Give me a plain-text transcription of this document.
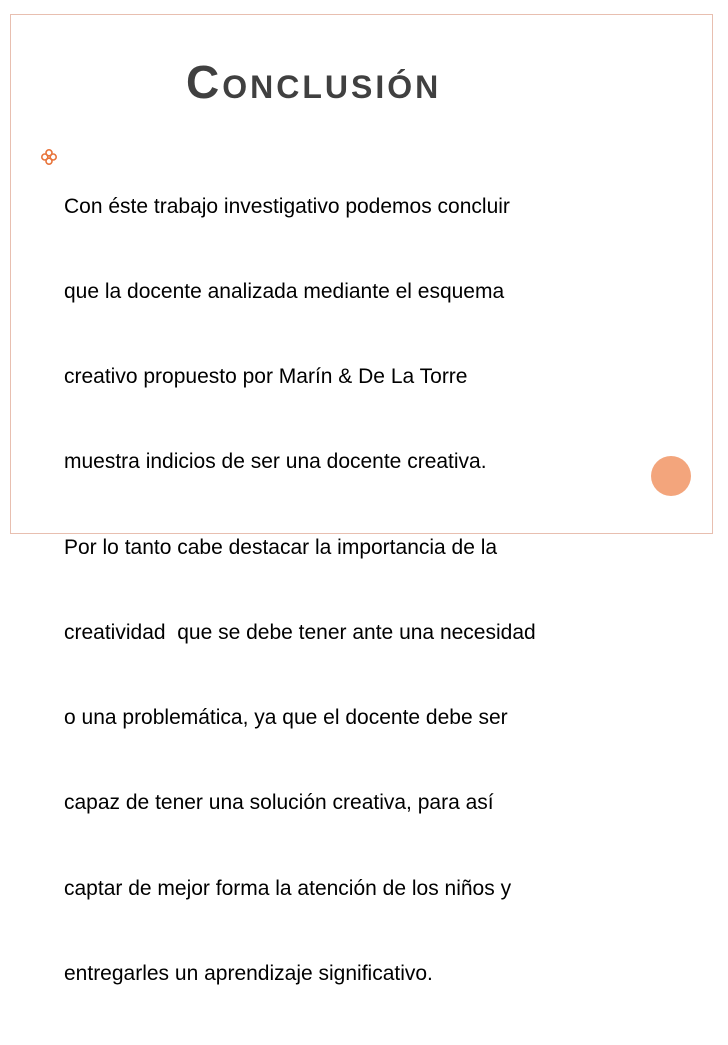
Conclusión

Con éste trabajo investigativo podemos concluir

que la docente analizada mediante el esquema

creativo propuesto por Marín & De La Torre

muestra indicios de ser una docente creativa.

Por lo tanto cabe destacar la importancia de la

creatividad  que se debe tener ante una necesidad

o una problemática, ya que el docente debe ser

capaz de tener una solución creativa, para así

captar de mejor forma la atención de los niños y

entregarles un aprendizaje significativo.
